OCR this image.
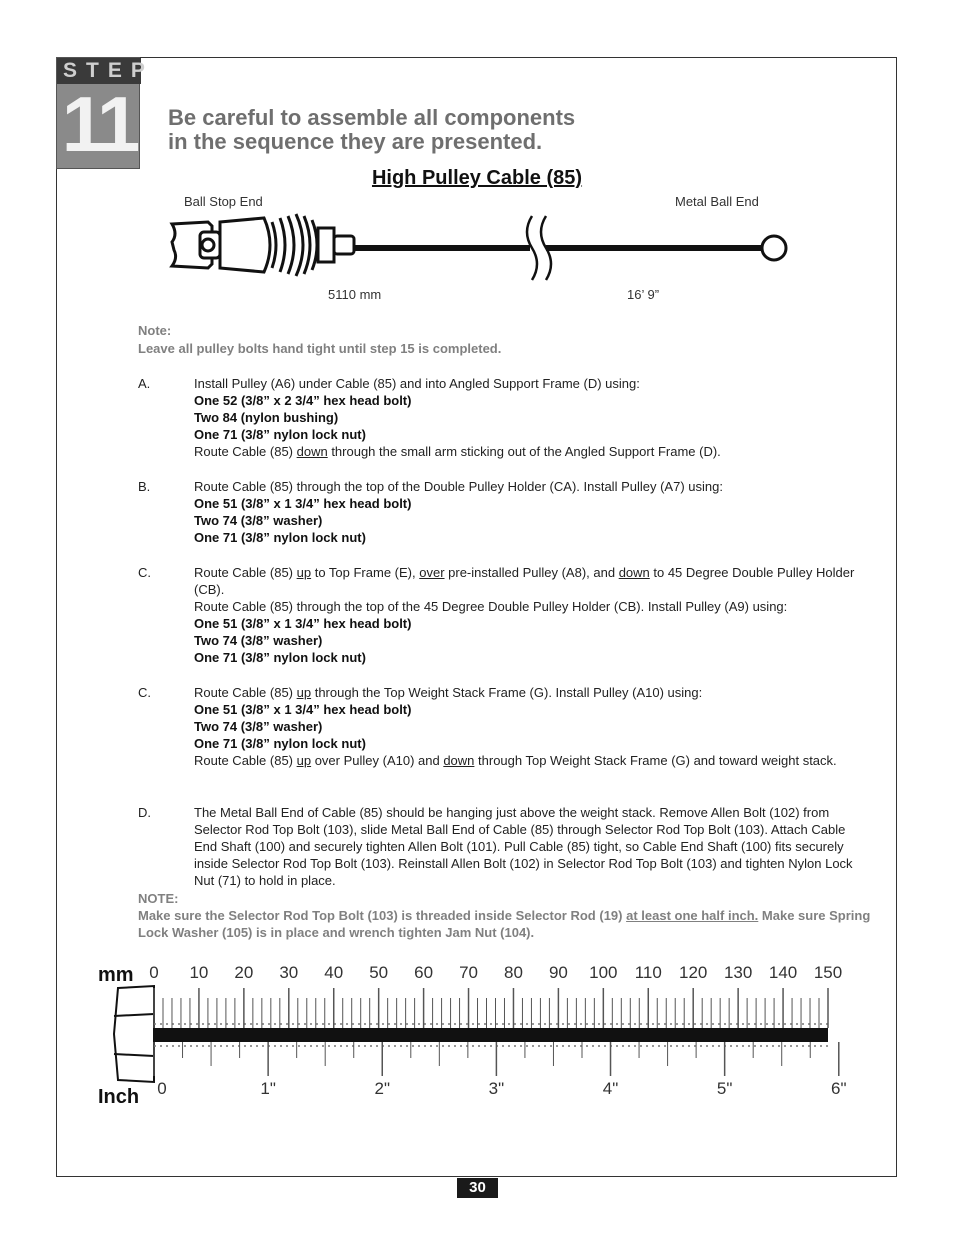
STEP
11 Be careful to assemble all components
in the sequence they are presented.
High Pulley Cable (85)
Ball Stop End	Metal Ball End
5110 mm	16’ 9”
Note:
Leave all pulley bolts hand tight until step 15 is completed.
A.	Install Pulley (A6) under Cable (85) and into Angled Support Frame (D) using:
One 52 (3/8” x 2 3/4” hex head bolt)
Two 84 (nylon bushing)
One 71 (3/8” nylon lock nut)
Route Cable (85) down through the small arm sticking out of the Angled Support Frame (D).
B.	Route Cable (85) through the top of the Double Pulley Holder (CA). Install Pulley (A7) using:
One 51 (3/8” x 1 3/4” hex head bolt)
Two 74 (3/8” washer)
One 71 (3/8” nylon lock nut)
C.	Route Cable (85) up to Top Frame (E), over pre-installed Pulley (A8), and down to 45 Degree Double Pulley Holder (CB).
Route Cable (85) through the top of the 45 Degree Double Pulley Holder (CB). Install Pulley (A9) using:
One 51 (3/8” x 1 3/4” hex head bolt)
Two 74 (3/8” washer)
One 71 (3/8” nylon lock nut)
C.	Route Cable (85) up through the Top Weight Stack Frame (G). Install Pulley (A10) using:
One 51 (3/8” x 1 3/4” hex head bolt)
Two 74 (3/8” washer)
One 71 (3/8” nylon lock nut)
Route Cable (85) up over Pulley (A10) and down through Top Weight Stack Frame (G) and toward weight stack.
D.	The Metal Ball End of Cable (85) should be hanging just above the weight stack. Remove Allen Bolt (102) from Selector Rod Top Bolt (103), slide Metal Ball End of Cable (85) through Selector Rod Top Bolt (103). Attach Cable End Shaft (100) and securely tighten Allen Bolt (101). Pull Cable (85) tight, so Cable End Shaft (100) fits securely inside Selector Rod Top Bolt (103). Reinstall Allen Bolt (102) in Selector Rod Top Bolt (103) and tighten Nylon Lock Nut (71) to hold in place.
NOTE:
Make sure the Selector Rod Top Bolt (103) is threaded inside Selector Rod (19) at least one half inch. Make sure Spring Lock Washer (105) is in place and wrench tighten Jam Nut (104).
mm
Inch
0 10 20 30 40 50 60 70 80 90 100 110 120 130 140 150
0	1"	2"	3"	4"	5"	6"
30
